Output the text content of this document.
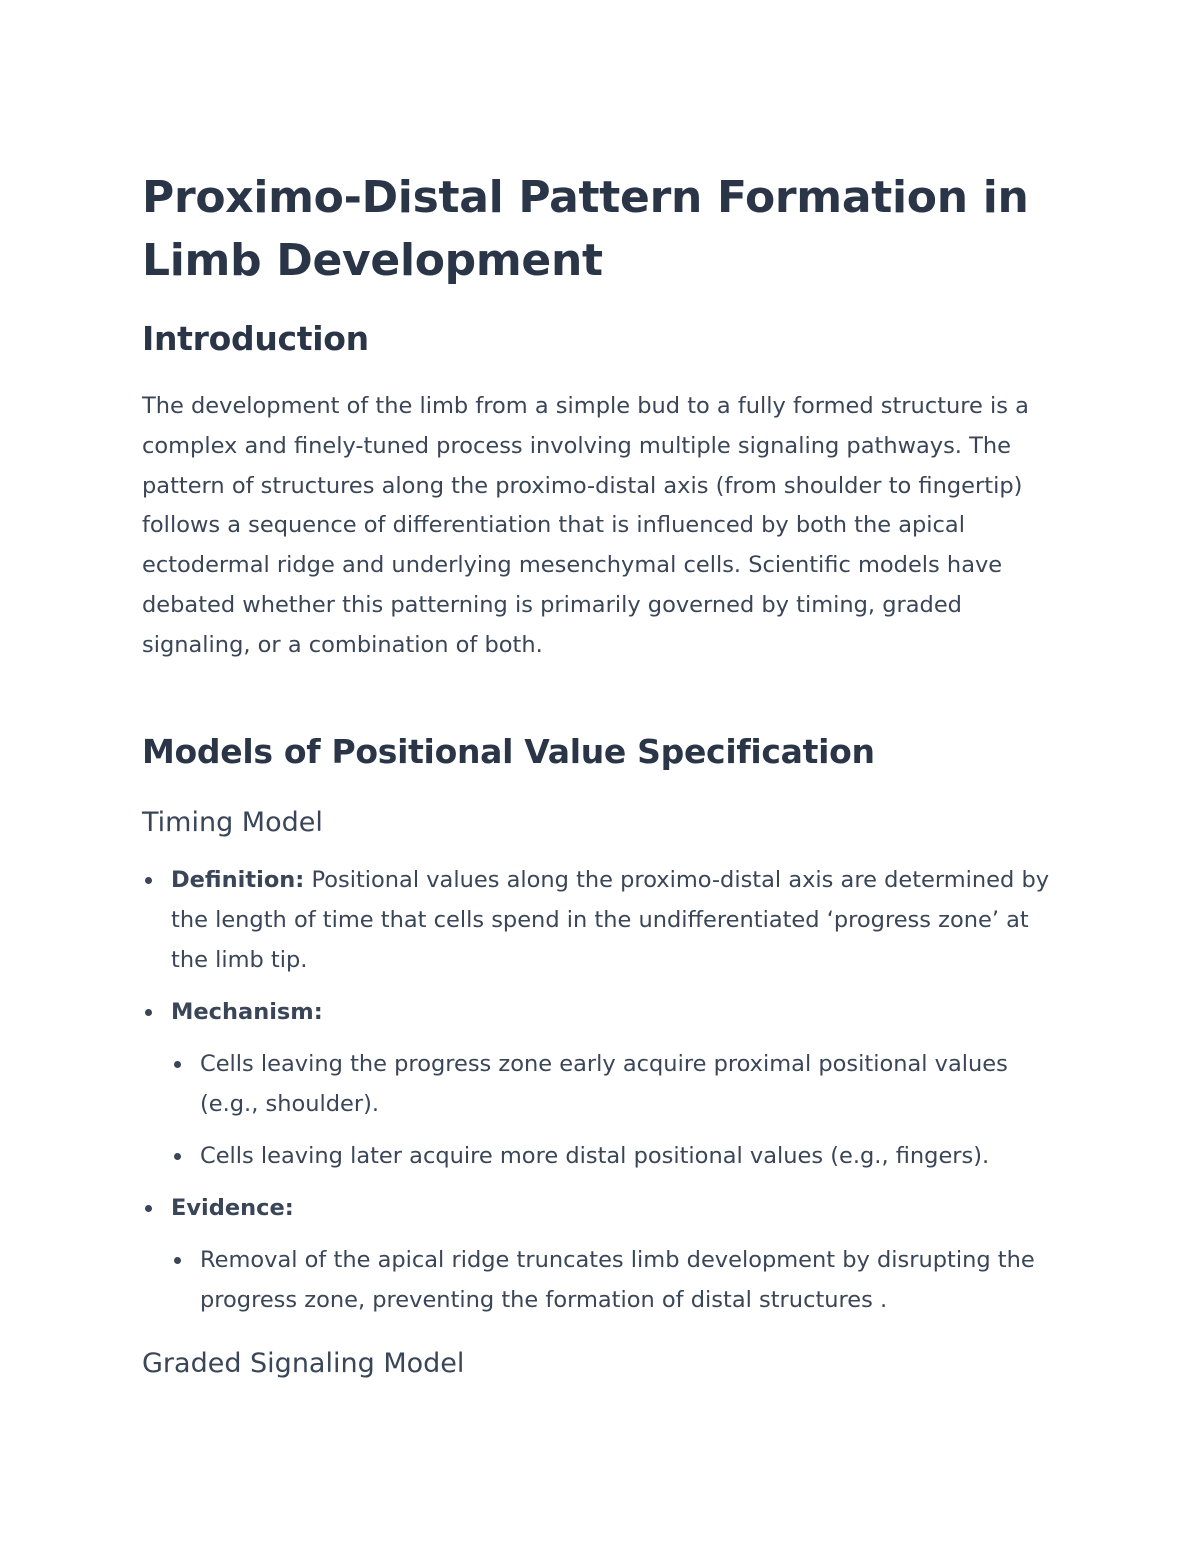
Proximo-Distal Pattern Formation in Limb Development
Introduction

The development of the limb from a simple bud to a fully formed structure is a complex and finely-tuned process involving multiple signaling pathways. The pattern of structures along the proximo-distal axis (from shoulder to fingertip) follows a sequence of differentiation that is influenced by both the apical ectodermal ridge and underlying mesenchymal cells. Scientific models have debated whether this patterning is primarily governed by timing, graded signaling, or a combination of both.

Models of Positional Value Specification
Timing Model
Definition: Positional values along the proximo-distal axis are determined by the length of time that cells spend in the undifferentiated ‘progress zone’ at the limb tip.
Mechanism:
Cells leaving the progress zone early acquire proximal positional values (e.g., shoulder).
Cells leaving later acquire more distal positional values (e.g., fingers).
Evidence:
Removal of the apical ridge truncates limb development by disrupting the progress zone, preventing the formation of distal structures .
Graded Signaling Model
